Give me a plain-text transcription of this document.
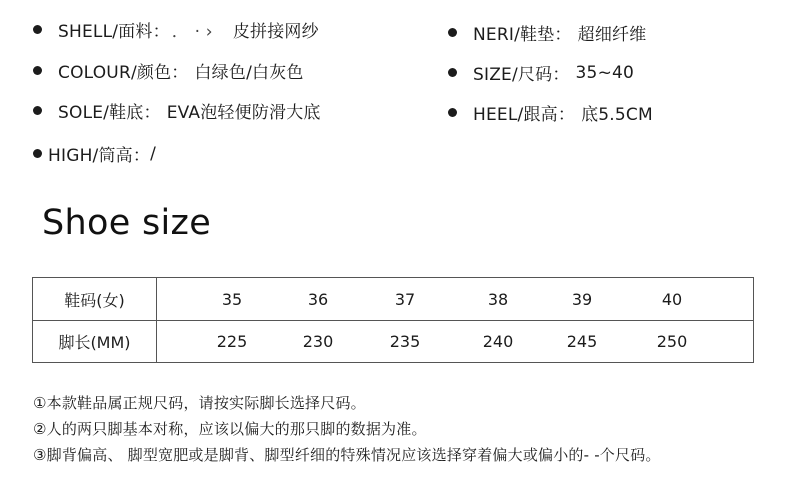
SHELL/面料： ． · › 皮拼接网纱
COLOUR/颜色： 白绿色/白灰色
SOLE/鞋底： EVA泡轻便防滑大底
HIGH/筒高： /
NERI/鞋垫： 超细纤维
SIZE/尺码： 35~40
HEEL/跟高： 底5.5CM
Shoe size
鞋码(女)	35	36	37	38	39	40
脚长(MM)	225	230	235	240	245	250
①本款鞋品属正规尺码，请按实际脚长选择尺码。
②人的两只脚基本对称，应该以偏大的那只脚的数据为准。
③脚背偏高、 脚型宽肥或是脚背、脚型纤细的特殊情况应该选择穿着偏大或偏小的- -个尺码。
